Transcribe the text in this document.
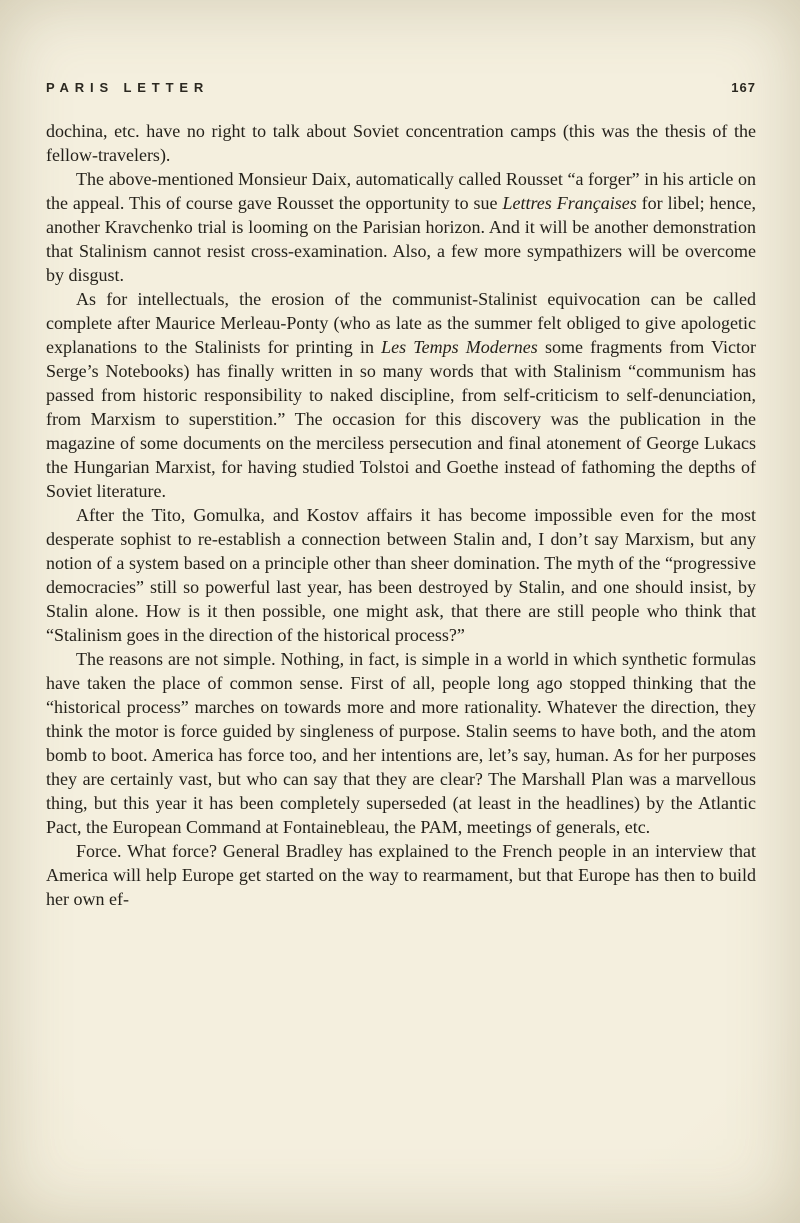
PARIS LETTER	167

dochina, etc. have no right to talk about Soviet concentration camps (this was the thesis of the fellow-travelers).

The above-mentioned Monsieur Daix, automatically called Rousset “a forger” in his article on the appeal. This of course gave Rousset the opportunity to sue Lettres Françaises for libel; hence, another Kravchenko trial is looming on the Parisian horizon. And it will be another demonstration that Stalinism cannot resist cross-examination. Also, a few more sympathizers will be overcome by disgust.

As for intellectuals, the erosion of the communist-Stalinist equivocation can be called complete after Maurice Merleau-Ponty (who as late as the summer felt obliged to give apologetic explanations to the Stalinists for printing in Les Temps Modernes some fragments from Victor Serge’s Notebooks) has finally written in so many words that with Stalinism “communism has passed from historic responsibility to naked discipline, from self-criticism to self-denunciation, from Marxism to superstition.” The occasion for this discovery was the publication in the magazine of some documents on the merciless persecution and final atonement of George Lukacs the Hungarian Marxist, for having studied Tolstoi and Goethe instead of fathoming the depths of Soviet literature.

After the Tito, Gomulka, and Kostov affairs it has become impossible even for the most desperate sophist to re-establish a connection between Stalin and, I don’t say Marxism, but any notion of a system based on a principle other than sheer domination. The myth of the “progressive democracies” still so powerful last year, has been destroyed by Stalin, and one should insist, by Stalin alone. How is it then possible, one might ask, that there are still people who think that “Stalinism goes in the direction of the historical process?”

The reasons are not simple. Nothing, in fact, is simple in a world in which synthetic formulas have taken the place of common sense. First of all, people long ago stopped thinking that the “historical process” marches on towards more and more rationality. Whatever the direction, they think the motor is force guided by singleness of purpose. Stalin seems to have both, and the atom bomb to boot. America has force too, and her intentions are, let’s say, human. As for her purposes they are certainly vast, but who can say that they are clear? The Marshall Plan was a marvellous thing, but this year it has been completely superseded (at least in the headlines) by the Atlantic Pact, the European Command at Fontainebleau, the PAM, meetings of generals, etc.

Force. What force? General Bradley has explained to the French people in an interview that America will help Europe get started on the way to rearmament, but that Europe has then to build her own ef-
